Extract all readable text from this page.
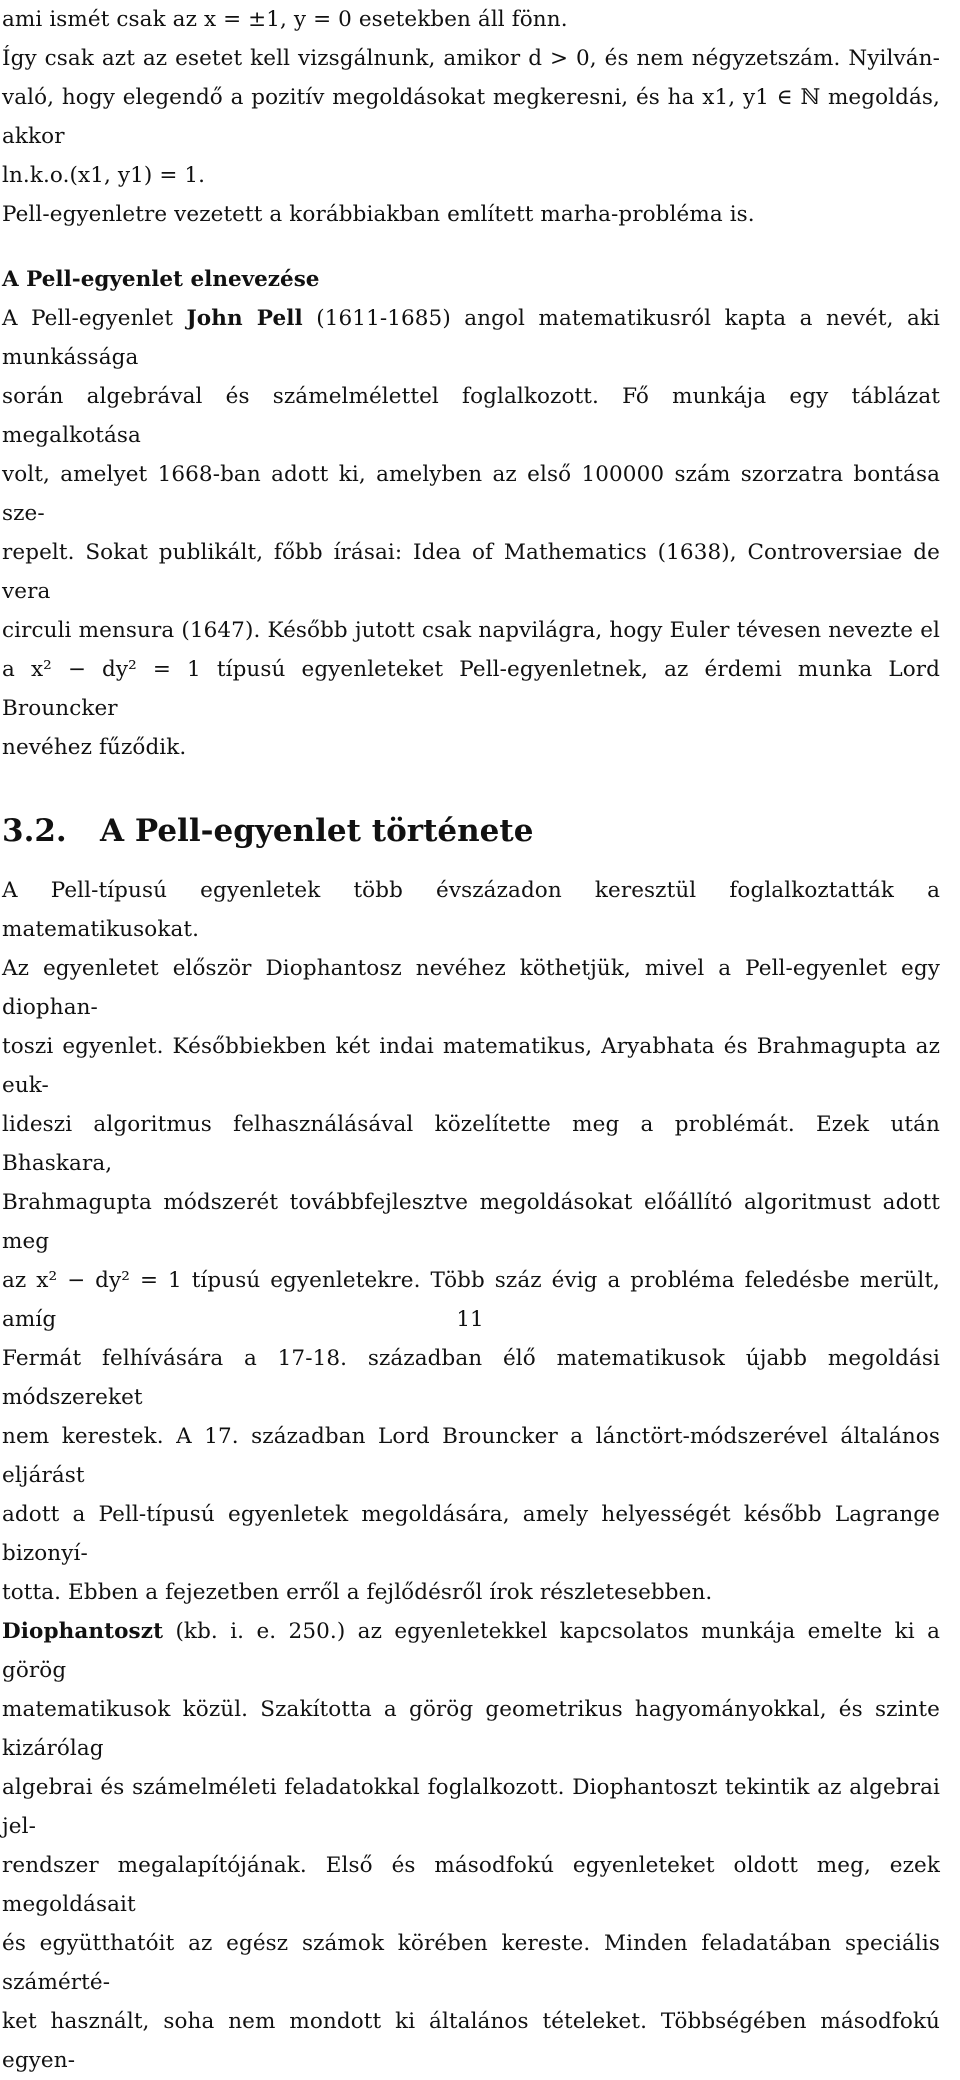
ami ismét csak az x = ±1, y = 0 esetekben áll fönn.
Így csak azt az esetet kell vizsgálnunk, amikor d > 0, és nem négyzetszám. Nyilván-
való, hogy elegendő a pozitív megoldásokat megkeresni, és ha x1, y1 ∈ ℕ megoldás, akkor
ln.k.o.(x1, y1) = 1.
Pell-egyenletre vezetett a korábbiakban említett marha-probléma is.
A Pell-egyenlet elnevezése
A Pell-egyenlet John Pell (1611-1685) angol matematikusról kapta a nevét, aki munkássága
során algebrával és számelmélettel foglalkozott. Fő munkája egy táblázat megalkotása
volt, amelyet 1668-ban adott ki, amelyben az első 100000 szám szorzatra bontása sze-
repelt. Sokat publikált, főbb írásai: Idea of Mathematics (1638), Controversiae de vera
circuli mensura (1647). Később jutott csak napvilágra, hogy Euler tévesen nevezte el
a x² − dy² = 1 típusú egyenleteket Pell-egyenletnek, az érdemi munka Lord Brouncker
nevéhez fűződik.
3.2. A Pell-egyenlet története
A Pell-típusú egyenletek több évszázadon keresztül foglalkoztatták a matematikusokat.
Az egyenletet először Diophantosz nevéhez köthetjük, mivel a Pell-egyenlet egy diophan-
toszi egyenlet. Későbbiekben két indai matematikus, Aryabhata és Brahmagupta az euk-
lideszi algoritmus felhasználásával közelítette meg a problémát. Ezek után Bhaskara,
Brahmagupta módszerét továbbfejlesztve megoldásokat előállító algoritmust adott meg
az x² − dy² = 1 típusú egyenletekre. Több száz évig a probléma feledésbe merült, amíg
Fermát felhívására a 17-18. században élő matematikusok újabb megoldási módszereket
nem kerestek. A 17. században Lord Brouncker a lánctört-módszerével általános eljárást
adott a Pell-típusú egyenletek megoldására, amely helyességét később Lagrange bizonyí-
totta. Ebben a fejezetben erről a fejlődésről írok részletesebben.
Diophantoszt (kb. i. e. 250.) az egyenletekkel kapcsolatos munkája emelte ki a görög
matematikusok közül. Szakította a görög geometrikus hagyományokkal, és szinte kizárólag
algebrai és számelméleti feladatokkal foglalkozott. Diophantoszt tekintik az algebrai jel-
rendszer megalapítójának. Első és másodfokú egyenleteket oldott meg, ezek megoldásait
és együtthatóit az egész számok körében kereste. Minden feladatában speciális számérté-
ket használt, soha nem mondott ki általános tételeket. Többségében másodfokú egyen-
11
